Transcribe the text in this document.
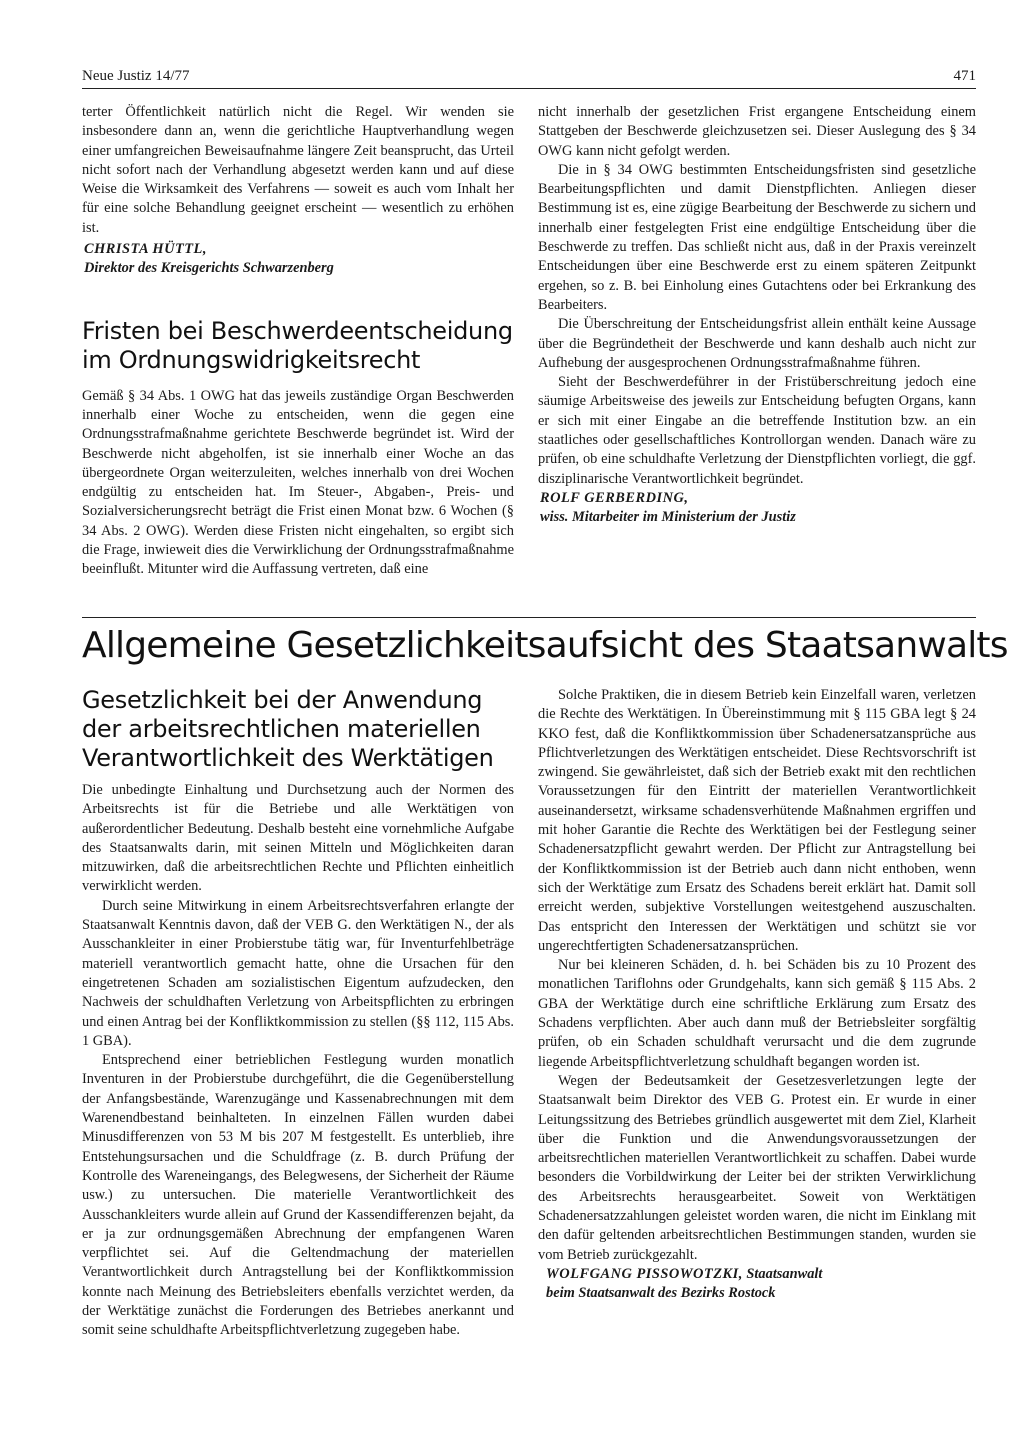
Neue Justiz 14/77	471

terter Öffentlichkeit natürlich nicht die Regel. Wir wenden sie insbesondere dann an, wenn die gerichtliche Hauptverhandlung wegen einer umfangreichen Beweisaufnahme längere Zeit beansprucht, das Urteil nicht sofort nach der Verhandlung abgesetzt werden kann und auf diese Weise die Wirksamkeit des Verfahrens — soweit es auch vom Inhalt her für eine solche Behandlung geeignet erscheint — wesentlich zu erhöhen ist.

CHRISTA HÜTTL,
Direktor des Kreisgerichts Schwarzenberg
Fristen bei Beschwerdeentscheidung
im Ordnungswidrigkeitsrecht

Gemäß § 34 Abs. 1 OWG hat das jeweils zuständige Organ Beschwerden innerhalb einer Woche zu entscheiden, wenn die gegen eine Ordnungsstrafmaßnahme gerichtete Beschwerde begründet ist. Wird der Beschwerde nicht abgeholfen, ist sie innerhalb einer Woche an das übergeordnete Organ weiterzuleiten, welches innerhalb von drei Wochen endgültig zu entscheiden hat. Im Steuer-, Abgaben-, Preis- und Sozialversicherungsrecht beträgt die Frist einen Monat bzw. 6 Wochen (§ 34 Abs. 2 OWG). Werden diese Fristen nicht eingehalten, so ergibt sich die Frage, inwieweit dies die Verwirklichung der Ordnungsstrafmaßnahme beeinflußt. Mitunter wird die Auffassung vertreten, daß eine

nicht innerhalb der gesetzlichen Frist ergangene Entscheidung einem Stattgeben der Beschwerde gleichzusetzen sei. Dieser Auslegung des § 34 OWG kann nicht gefolgt werden.

Die in § 34 OWG bestimmten Entscheidungsfristen sind gesetzliche Bearbeitungspflichten und damit Dienstpflichten. Anliegen dieser Bestimmung ist es, eine zügige Bearbeitung der Beschwerde zu sichern und innerhalb einer festgelegten Frist eine endgültige Entscheidung über die Beschwerde zu treffen. Das schließt nicht aus, daß in der Praxis vereinzelt Entscheidungen über eine Beschwerde erst zu einem späteren Zeitpunkt ergehen, so z. B. bei Einholung eines Gutachtens oder bei Erkrankung des Bearbeiters.

Die Überschreitung der Entscheidungsfrist allein enthält keine Aussage über die Begründetheit der Beschwerde und kann deshalb auch nicht zur Aufhebung der ausgesprochenen Ordnungsstrafmaßnahme führen.

Sieht der Beschwerdeführer in der Fristüberschreitung jedoch eine säumige Arbeitsweise des jeweils zur Entscheidung befugten Organs, kann er sich mit einer Eingabe an die betreffende Institution bzw. an ein staatliches oder gesellschaftliches Kontrollorgan wenden. Danach wäre zu prüfen, ob eine schuldhafte Verletzung der Dienstpflichten vorliegt, die ggf. disziplinarische Verantwortlichkeit begründet.

ROLF GERBERDING,
wiss. Mitarbeiter im Ministerium der Justiz
Allgemeine Gesetzlichkeitsaufsicht des Staatsanwalts
Gesetzlichkeit bei der Anwendung
der arbeitsrechtlichen materiellen
Verantwortlichkeit des Werktätigen

Die unbedingte Einhaltung und Durchsetzung auch der Normen des Arbeitsrechts ist für die Betriebe und alle Werktätigen von außerordentlicher Bedeutung. Deshalb besteht eine vornehmliche Aufgabe des Staatsanwalts darin, mit seinen Mitteln und Möglichkeiten daran mitzuwirken, daß die arbeitsrechtlichen Rechte und Pflichten einheitlich verwirklicht werden.

Durch seine Mitwirkung in einem Arbeitsrechtsverfahren erlangte der Staatsanwalt Kenntnis davon, daß der VEB G. den Werktätigen N., der als Ausschankleiter in einer Probierstube tätig war, für Inventurfehlbeträge materiell verantwortlich gemacht hatte, ohne die Ursachen für den eingetretenen Schaden am sozialistischen Eigentum aufzudecken, den Nachweis der schuldhaften Verletzung von Arbeitspflichten zu erbringen und einen Antrag bei der Konfliktkommission zu stellen (§§ 112, 115 Abs. 1 GBA).

Entsprechend einer betrieblichen Festlegung wurden monatlich Inventuren in der Probierstube durchgeführt, die die Gegenüberstellung der Anfangsbestände, Warenzugänge und Kassenabrechnungen mit dem Warenendbestand beinhalteten. In einzelnen Fällen wurden dabei Minusdifferenzen von 53 M bis 207 M festgestellt. Es unterblieb, ihre Entstehungsursachen und die Schuldfrage (z. B. durch Prüfung der Kontrolle des Wareneingangs, des Belegwesens, der Sicherheit der Räume usw.) zu untersuchen. Die materielle Verantwortlichkeit des Ausschankleiters wurde allein auf Grund der Kassendifferenzen bejaht, da er ja zur ordnungsgemäßen Abrechnung der empfangenen Waren verpflichtet sei. Auf die Geltendmachung der materiellen Verantwortlichkeit durch Antragstellung bei der Konfliktkommission konnte nach Meinung des Betriebsleiters ebenfalls verzichtet werden, da der Werktätige zunächst die Forderungen des Betriebes anerkannt und somit seine schuldhafte Arbeitspflichtverletzung zugegeben habe.

Solche Praktiken, die in diesem Betrieb kein Einzelfall waren, verletzen die Rechte des Werktätigen. In Übereinstimmung mit § 115 GBA legt § 24 KKO fest, daß die Konfliktkommission über Schadenersatzansprüche aus Pflichtverletzungen des Werktätigen entscheidet. Diese Rechtsvorschrift ist zwingend. Sie gewährleistet, daß sich der Betrieb exakt mit den rechtlichen Voraussetzungen für den Eintritt der materiellen Verantwortlichkeit auseinandersetzt, wirksame schadensverhütende Maßnahmen ergriffen und mit hoher Garantie die Rechte des Werktätigen bei der Festlegung seiner Schadenersatzpflicht gewahrt werden. Der Pflicht zur Antragstellung bei der Konfliktkommission ist der Betrieb auch dann nicht enthoben, wenn sich der Werktätige zum Ersatz des Schadens bereit erklärt hat. Damit soll erreicht werden, subjektive Vorstellungen weitestgehend auszuschalten. Das entspricht den Interessen der Werktätigen und schützt sie vor ungerechtfertigten Schadenersatzansprüchen.

Nur bei kleineren Schäden, d. h. bei Schäden bis zu 10 Prozent des monatlichen Tariflohns oder Grundgehalts, kann sich gemäß § 115 Abs. 2 GBA der Werktätige durch eine schriftliche Erklärung zum Ersatz des Schadens verpflichten. Aber auch dann muß der Betriebsleiter sorgfältig prüfen, ob ein Schaden schuldhaft verursacht und die dem zugrunde liegende Arbeitspflichtverletzung schuldhaft begangen worden ist.

Wegen der Bedeutsamkeit der Gesetzesverletzungen legte der Staatsanwalt beim Direktor des VEB G. Protest ein. Er wurde in einer Leitungssitzung des Betriebes gründlich ausgewertet mit dem Ziel, Klarheit über die Funktion und die Anwendungsvoraussetzungen der arbeitsrechtlichen materiellen Verantwortlichkeit zu schaffen. Dabei wurde besonders die Vorbildwirkung der Leiter bei der strikten Verwirklichung des Arbeitsrechts herausgearbeitet. Soweit von Werktätigen Schadenersatzzahlungen geleistet worden waren, die nicht im Einklang mit den dafür geltenden arbeitsrechtlichen Bestimmungen standen, wurden sie vom Betrieb zurückgezahlt.

WOLFGANG PISSOWOTZKI, Staatsanwalt
beim Staatsanwalt des Bezirks Rostock
